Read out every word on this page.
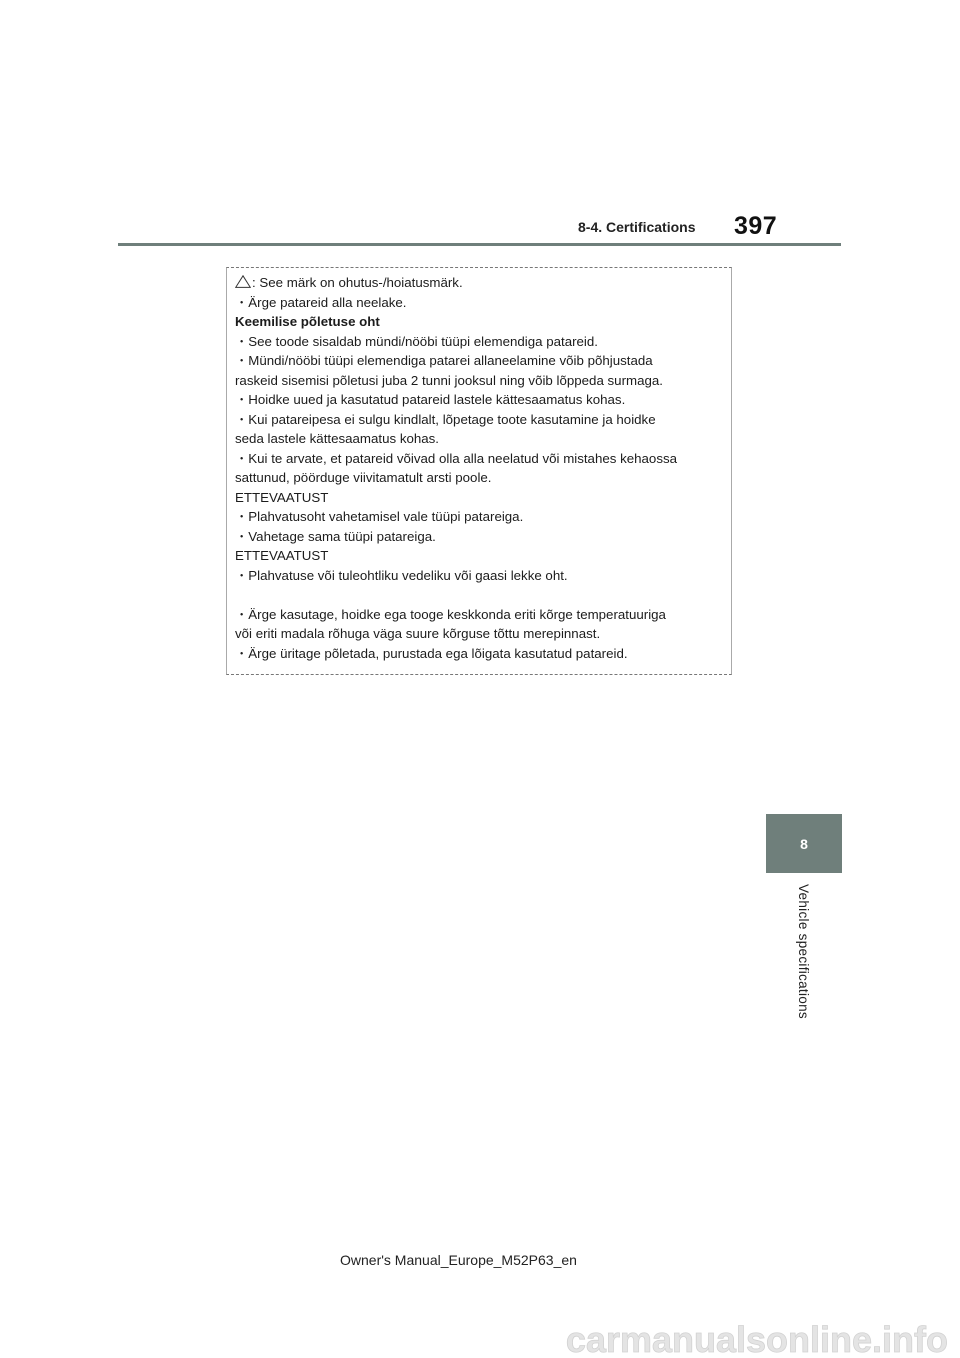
8-4. Certifications 397
: See märk on ohutus-/hoiatusmärk.
・Ärge patareid alla neelake.
Keemilise põletuse oht
・See toode sisaldab mündi/nööbi tüüpi elemendiga patareid.
・Mündi/nööbi tüüpi elemendiga patarei allaneelamine võib põhjustada
raskeid sisemisi põletusi juba 2 tunni jooksul ning võib lõppeda surmaga.
・Hoidke uued ja kasutatud patareid lastele kättesaamatus kohas.
・Kui patareipesa ei sulgu kindlalt, lõpetage toote kasutamine ja hoidke
seda lastele kättesaamatus kohas.
・Kui te arvate, et patareid võivad olla alla neelatud või mistahes kehaossa
sattunud, pöörduge viivitamatult arsti poole.
ETTEVAATUST
・Plahvatusoht vahetamisel vale tüüpi patareiga.
・Vahetage sama tüüpi patareiga.
ETTEVAATUST
・Plahvatuse või tuleohtliku vedeliku või gaasi lekke oht.
・Ärge kasutage, hoidke ega tooge keskkonda eriti kõrge temperatuuriga
või eriti madala rõhuga väga suure kõrguse tõttu merepinnast.
・Ärge üritage põletada, purustada ega lõigata kasutatud patareid.
8
Vehicle specifications
Owner's Manual_Europe_M52P63_en
carmanualsonline.info
